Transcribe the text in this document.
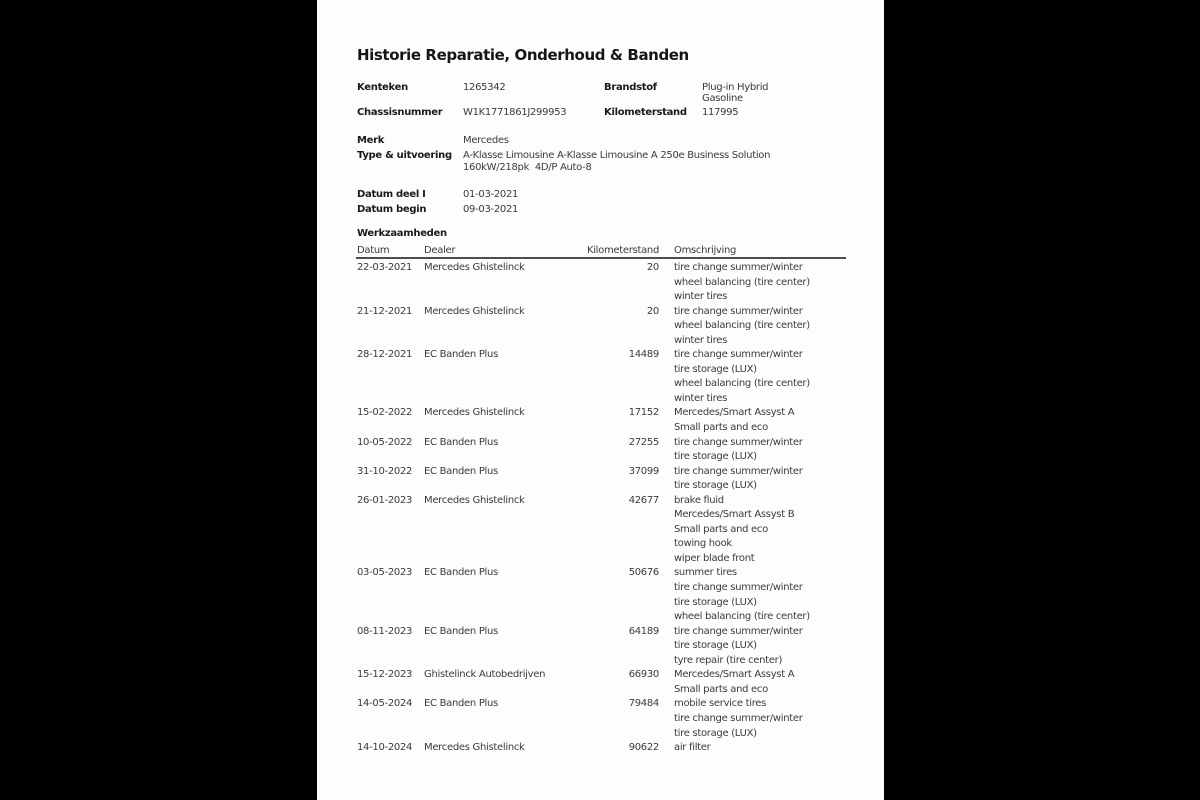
Historie Reparatie, Onderhoud & Banden
Kenteken	1265342	Brandstof	Plug-in Hybrid
Gasoline
Chassisnummer W1K1771861J299953	Kilometerstand 117995
Merk	Mercedes
Type & uitvoering A-Klasse Limousine A-Klasse Limousine A 250e Business Solution
160kW/218pk  4D/P Auto-8
Datum deel I	01-03-2021
Datum begin	09-03-2021
Werkzaamheden
Datum	Dealer	Kilometerstand Omschrijving
22-03-2021	Mercedes Ghistelinck	20 tire change summer/winter
wheel balancing (tire center)
winter tires
21-12-2021	Mercedes Ghistelinck	20 tire change summer/winter
wheel balancing (tire center)
winter tires
28-12-2021	EC Banden Plus	14489 tire change summer/winter
tire storage (LUX)
wheel balancing (tire center)
winter tires
15-02-2022	Mercedes Ghistelinck	17152 Mercedes/Smart Assyst A
Small parts and eco
10-05-2022	EC Banden Plus	27255 tire change summer/winter
tire storage (LUX)
31-10-2022	EC Banden Plus	37099 tire change summer/winter
tire storage (LUX)
26-01-2023	Mercedes Ghistelinck	42677 brake fluid
Mercedes/Smart Assyst B
Small parts and eco
towing hook
wiper blade front
03-05-2023	EC Banden Plus	50676 summer tires
tire change summer/winter
tire storage (LUX)
wheel balancing (tire center)
08-11-2023	EC Banden Plus	64189 tire change summer/winter
tire storage (LUX)
tyre repair (tire center)
15-12-2023	Ghistelinck Autobedrijven	66930 Mercedes/Smart Assyst A
Small parts and eco
14-05-2024	EC Banden Plus	79484 mobile service tires
tire change summer/winter
tire storage (LUX)
14-10-2024	Mercedes Ghistelinck	90622 air filter
